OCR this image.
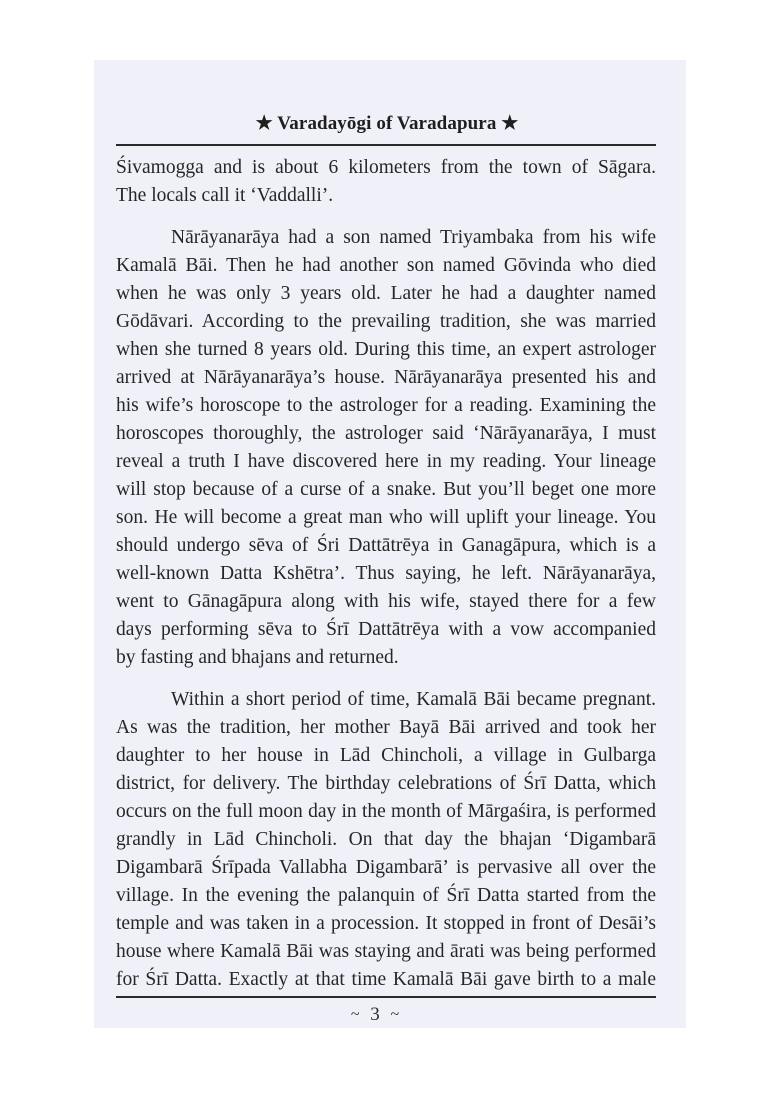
★ Varadayōgi of Varadapura ★
Śivamogga and is about 6 kilometers from the town of Sāgara.
The locals call it ‘Vaddalli’.
Nārāyanarāya had a son named Triyambaka from his wife
Kamalā Bāi. Then he had another son named Gōvinda who died
when he was only 3 years old. Later he had a daughter named
Gōdāvari. According to the prevailing tradition, she was married
when she turned 8 years old. During this time, an expert astrologer
arrived at Nārāyanarāya’s house. Nārāyanarāya presented his and
his wife’s horoscope to the astrologer for a reading. Examining the
horoscopes thoroughly, the astrologer said ‘Nārāyanarāya, I must
reveal a truth I have discovered here in my reading. Your lineage
will stop because of a curse of a snake. But you’ll beget one more
son. He will become a great man who will uplift your lineage. You
should undergo sēva of Śri Dattātrēya in Ganagāpura, which is a
well-known Datta Kshētra’. Thus saying, he left. Nārāyanarāya,
went to Gānagāpura along with his wife, stayed there for a few
days performing sēva to Śrī Dattātrēya with a vow accompanied
by fasting and bhajans and returned.
Within a short period of time, Kamalā Bāi became pregnant.
As was the tradition, her mother Bayā Bāi arrived and took her
daughter to her house in Lād Chincholi, a village in Gulbarga
district, for delivery. The birthday celebrations of Śrī Datta, which
occurs on the full moon day in the month of Mārgaśira, is performed
grandly in Lād Chincholi. On that day the bhajan ‘Digambarā
Digambarā Śrīpada Vallabha Digambarā’ is pervasive all over the
village. In the evening the palanquin of Śrī Datta started from the
temple and was taken in a procession. It stopped in front of Desāi’s
house where Kamalā Bāi was staying and ārati was being performed
for Śrī Datta. Exactly at that time Kamalā Bāi gave birth to a male
~ 3 ~
